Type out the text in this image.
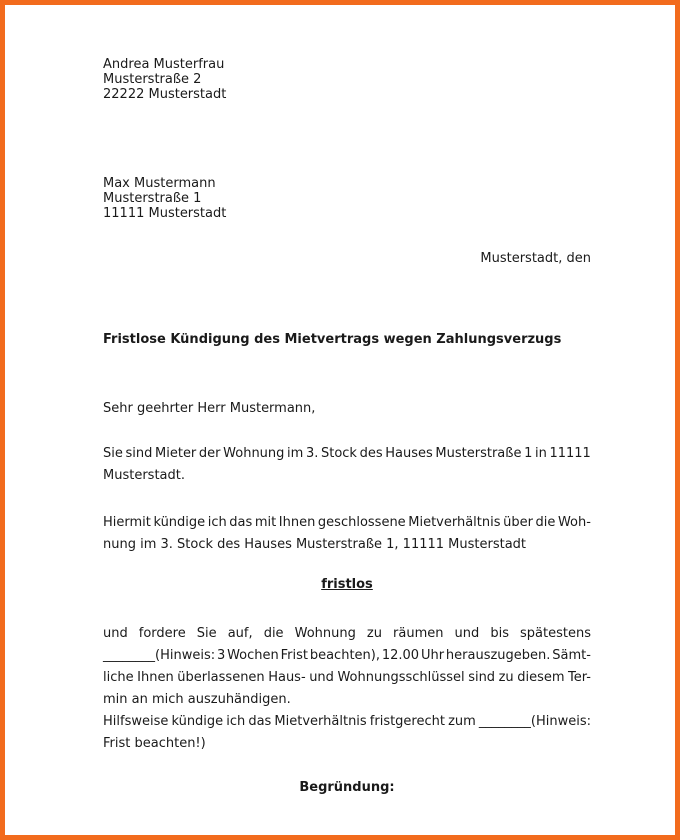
Andrea Musterfrau
Musterstraße 2
22222 Musterstadt
Max Mustermann
Musterstraße 1
11111 Musterstadt
Musterstadt, den
Fristlose Kündigung des Mietvertrags wegen Zahlungsverzugs
Sehr geehrter Herr Mustermann,
Sie sind Mieter der Wohnung im 3. Stock des Hauses Musterstraße 1 in 11111
Musterstadt.
Hiermit kündige ich das mit Ihnen geschlossene Mietverhältnis über die Woh-
nung im 3. Stock des Hauses Musterstraße 1, 11111 Musterstadt
fristlos
und fordere Sie auf, die Wohnung zu räumen und bis spätestens
________(Hinweis: 3 Wochen Frist beachten), 12.00 Uhr herauszugeben. Sämt-
liche Ihnen überlassenen Haus- und Wohnungsschlüssel sind zu diesem Ter-
min an mich auszuhändigen.
Hilfsweise kündige ich das Mietverhältnis fristgerecht zum ________(Hinweis:
Frist beachten!)
Begründung:
